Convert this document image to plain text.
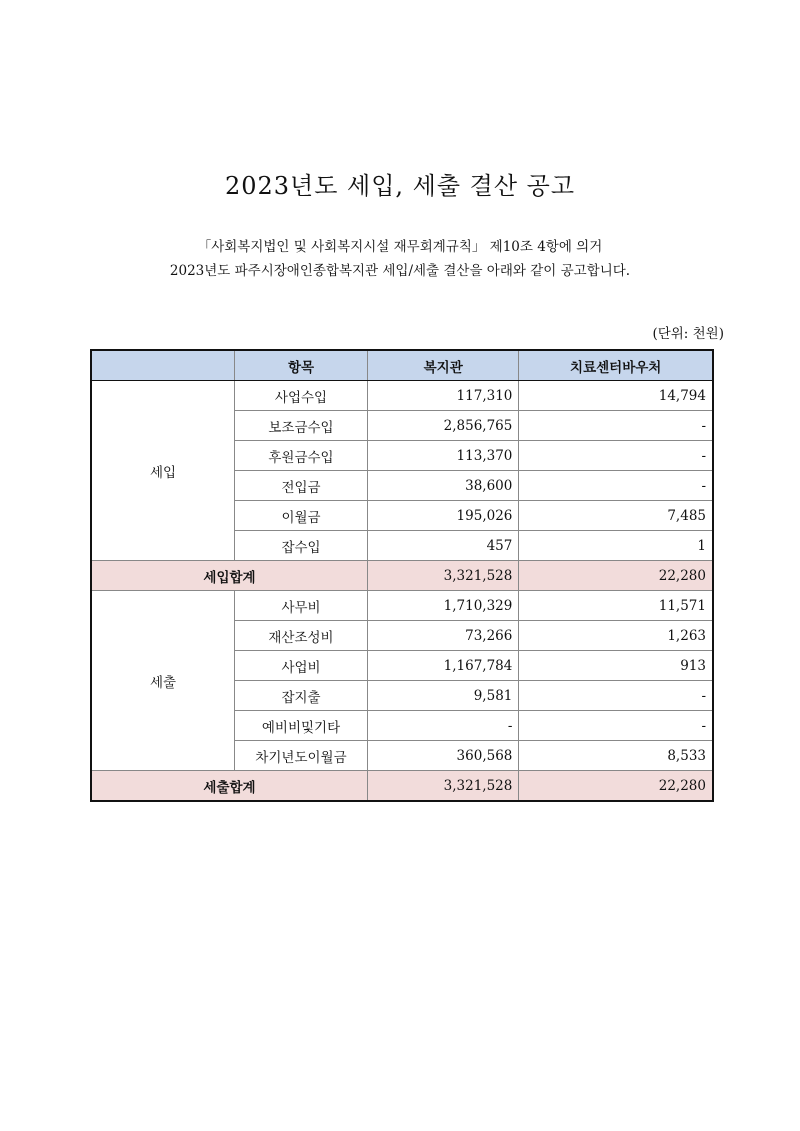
2023년도 세입, 세출 결산 공고
「사회복지법인 및 사회복지시설 재무회계규칙」 제10조 4항에 의거
2023년도 파주시장애인종합복지관 세입/세출 결산을 아래와 같이 공고합니다.
(단위: 천원)
	항목	복지관	치료센터바우처
세입	사업수입	117,310	14,794
	보조금수입	2,856,765	-
	후원금수입	113,370	-
	전입금	38,600	-
	이월금	195,026	7,485
	잡수입	457	1
세입합계		3,321,528	22,280
세출	사무비	1,710,329	11,571
	재산조성비	73,266	1,263
	사업비	1,167,784	913
	잡지출	9,581	-
	예비비및기타	-	-
	차기년도이월금	360,568	8,533
세출합계		3,321,528	22,280
